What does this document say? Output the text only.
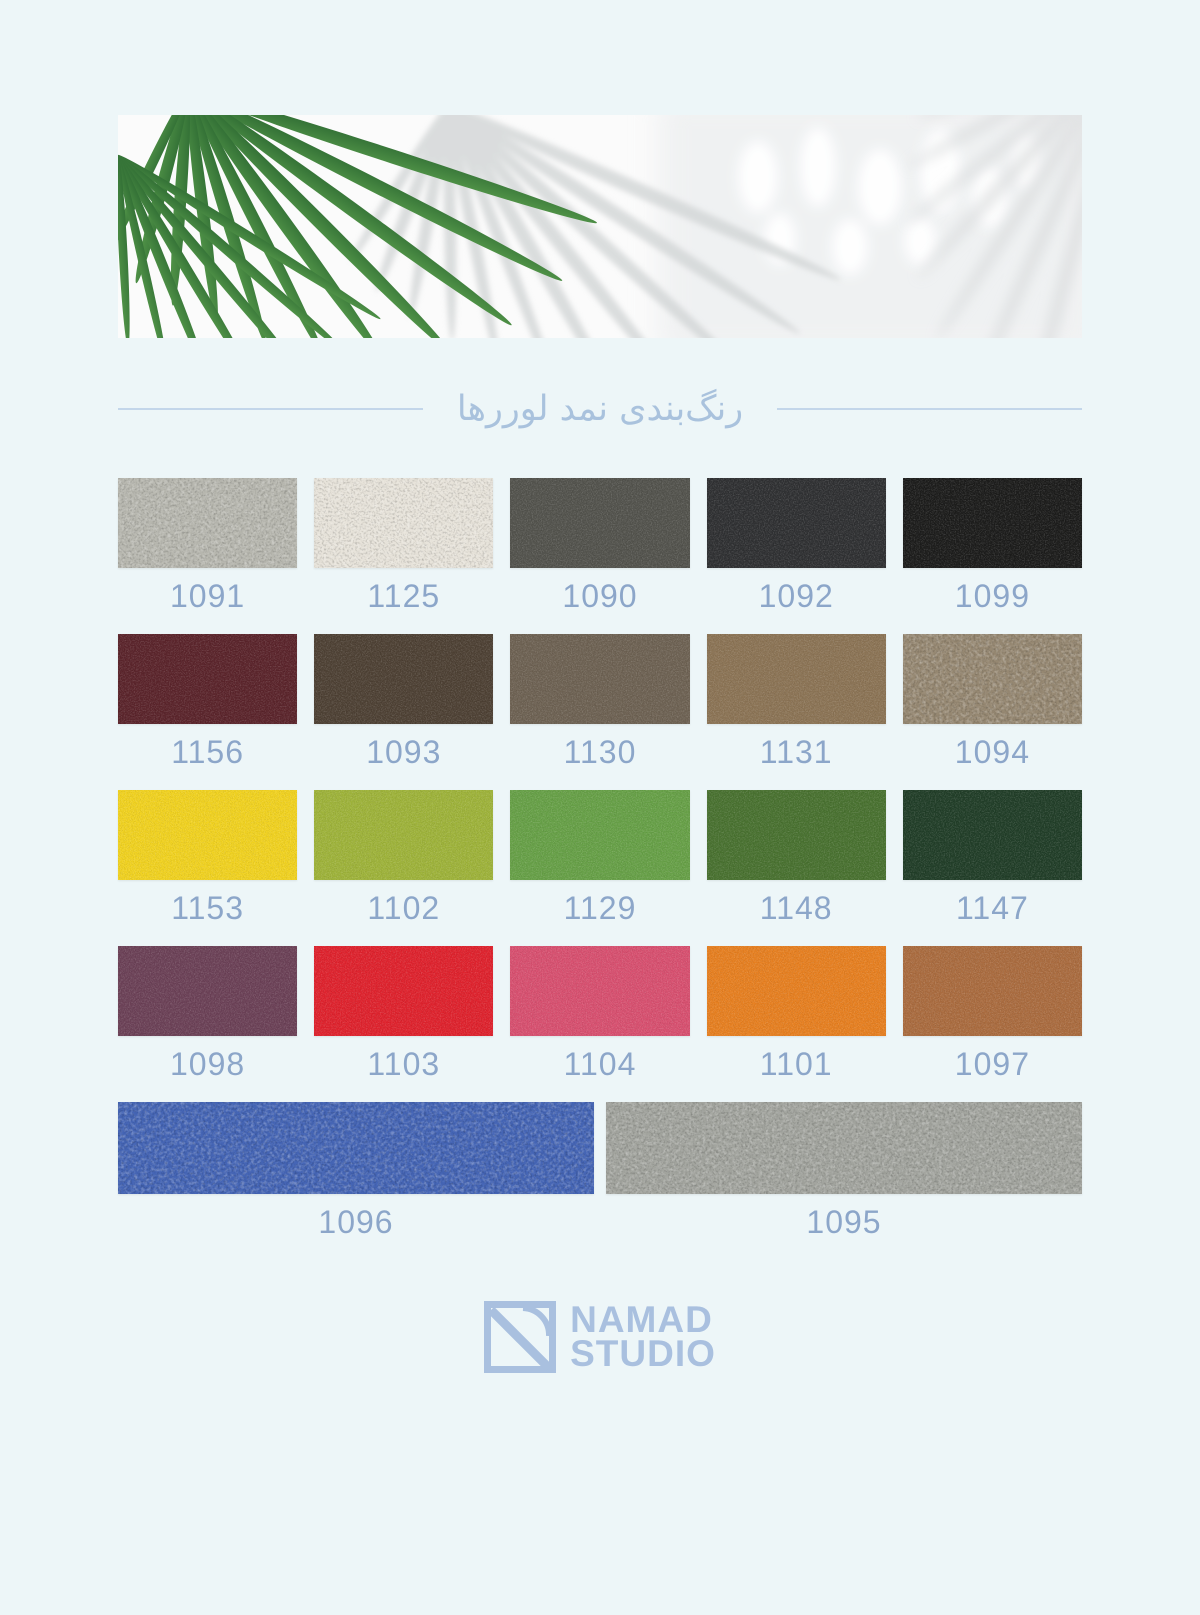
رنگ‌بندی نمد لوررها
1091	1125	1090	1092	1099
1156	1093	1130	1131	1094
1153	1102	1129	1148	1147
1098	1103	1104	1101	1097
1096	1095
NAMAD
STUDIO
